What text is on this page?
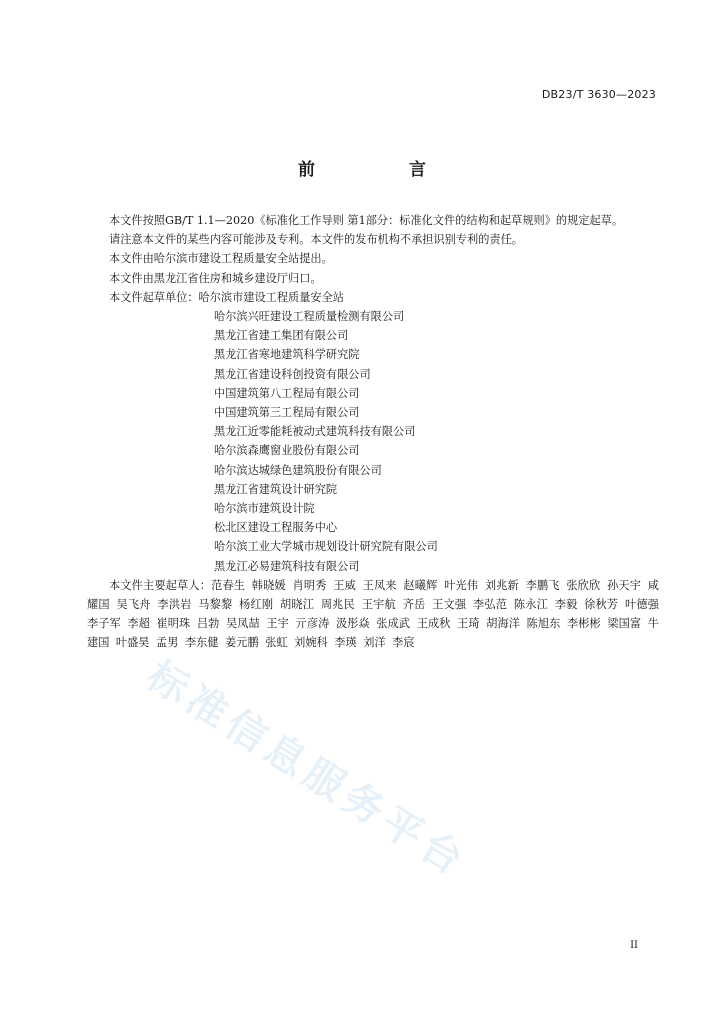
DB23/T 3630—2023
前 言

本文件按照GB/T 1.1—2020《标准化工作导则 第1部分：标准化文件的结构和起草规则》的规定起草。

请注意本文件的某些内容可能涉及专利。本文件的发布机构不承担识别专利的责任。

本文件由哈尔滨市建设工程质量安全站提出。

本文件由黑龙江省住房和城乡建设厅归口。

本文件起草单位：哈尔滨市建设工程质量安全站

哈尔滨兴旺建设工程质量检测有限公司

黑龙江省建工集团有限公司

黑龙江省寒地建筑科学研究院

黑龙江省建设科创投资有限公司

中国建筑第八工程局有限公司

中国建筑第三工程局有限公司

黑龙江近零能耗被动式建筑科技有限公司

哈尔滨森鹰窗业股份有限公司

哈尔滨达城绿色建筑股份有限公司

黑龙江省建筑设计研究院

哈尔滨市建筑设计院

松北区建设工程服务中心

哈尔滨工业大学城市规划设计研究院有限公司

黑龙江必易建筑科技有限公司

本文件主要起草人：范春生 韩晓媛 肖明秀 王威 王凤来 赵曦辉 叶光伟 刘兆新 李鹏飞 张欣欣 孙天宇 咸耀国 吴飞舟 李洪岩 马黎黎 杨红刚 胡晓江 周兆民 王宇航 齐岳 王文强 李弘范 陈永江 李毅 徐秋芳 叶德强 李子军 李超 崔明珠 吕勃 吴凤喆 王宇 亓彦涛 汲彤焱 张成武 王成秋 王琦 胡海洋 陈旭东 李彬彬 梁国富 牛建国 叶盛昊 孟男 李东健 姜元鹏 张虹 刘婉科 李瑛 刘洋 李宸

标准信息服务平台
II
